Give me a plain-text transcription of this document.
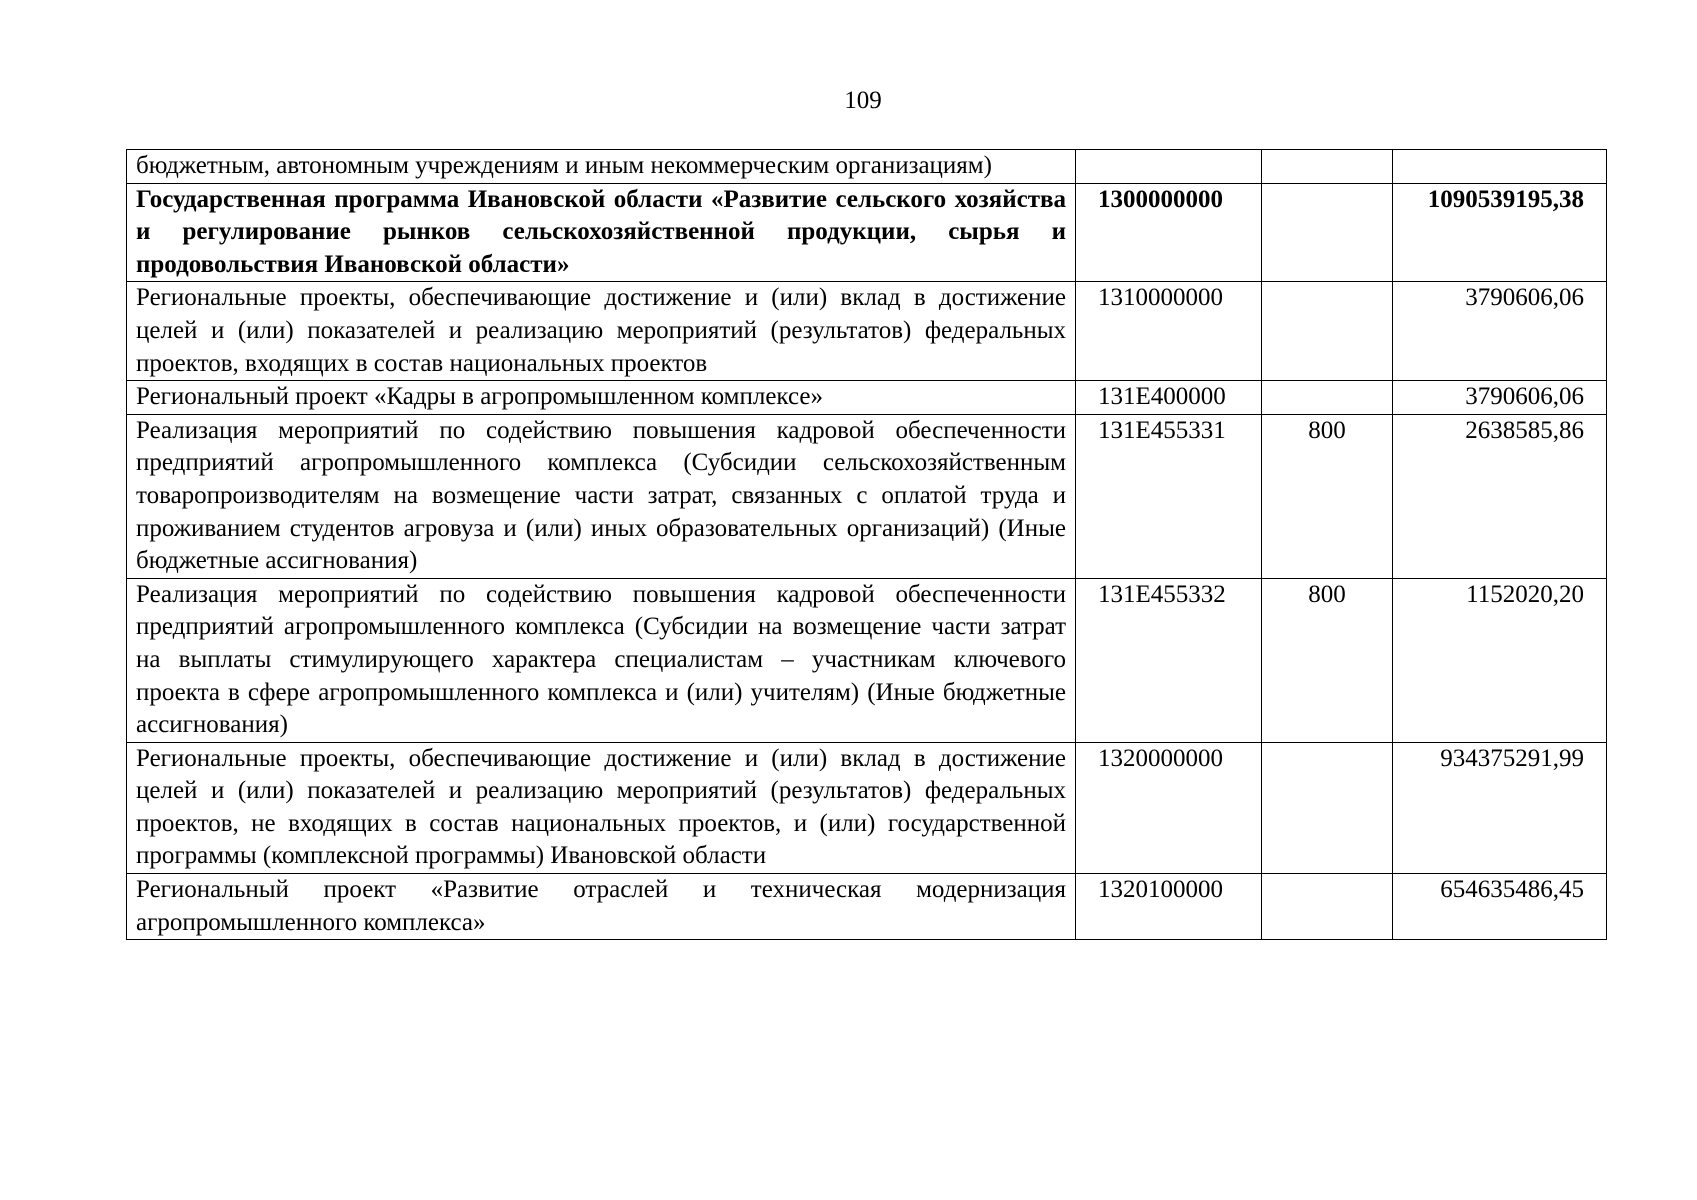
109
бюджетным, автономным учреждениям и иным некоммерческим организациям)			
Государственная программа Ивановской области «Развитие сельского хозяйства и регулирование рынков сельскохозяйственной продукции, сырья и продовольствия Ивановской области»	1300000000		1090539195,38
Региональные проекты, обеспечивающие достижение и (или) вклад в достижение целей и (или) показателей и реализацию мероприятий (результатов) федеральных проектов, входящих в состав национальных проектов	1310000000		3790606,06
Региональный проект «Кадры в агропромышленном комплексе»	131E400000		3790606,06
Реализация мероприятий по содействию повышения кадровой обеспеченности предприятий агропромышленного комплекса (Субсидии сельскохозяйственным товаропроизводителям на возмещение части затрат, связанных с оплатой труда и проживанием студентов агровуза и (или) иных образовательных организаций) (Иные бюджетные ассигнования)	131E455331	800	2638585,86
Реализация мероприятий по содействию повышения кадровой обеспеченности предприятий агропромышленного комплекса (Субсидии на возмещение части затрат на выплаты стимулирующего характера специалистам – участникам ключевого проекта в сфере агропромышленного комплекса и (или) учителям) (Иные бюджетные ассигнования)	131E455332	800	1152020,20
Региональные проекты, обеспечивающие достижение и (или) вклад в достижение целей и (или) показателей и реализацию мероприятий (результатов) федеральных проектов, не входящих в состав национальных проектов, и (или) государственной программы (комплексной программы) Ивановской области	1320000000		934375291,99
Региональный проект «Развитие отраслей и техническая модернизация агропромышленного комплекса»	1320100000		654635486,45
